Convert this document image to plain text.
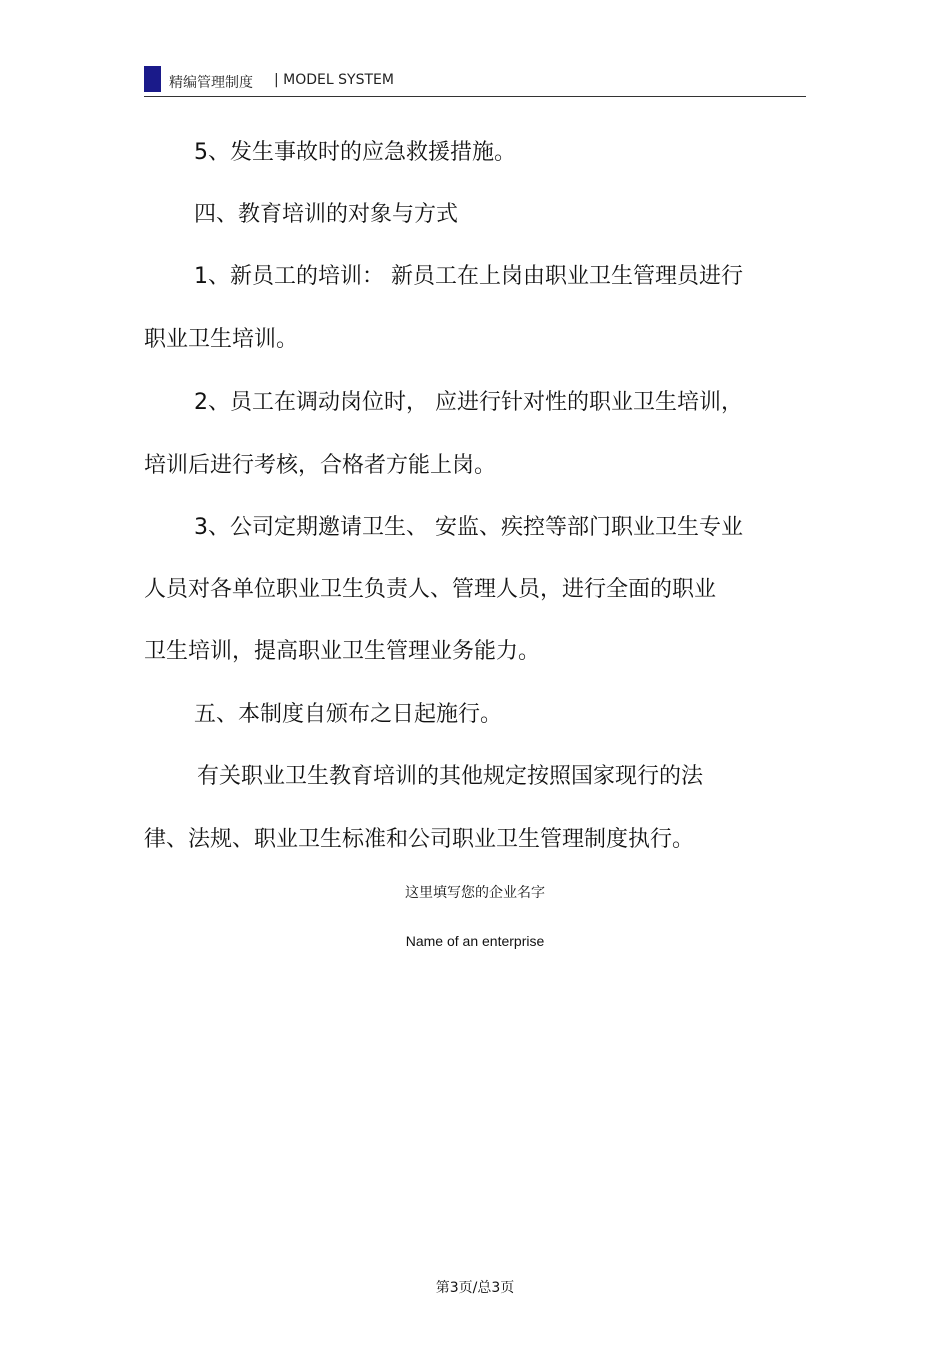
精编管理制度 | MODEL SYSTEM
5、发生事故时的应急救援措施。
四、教育培训的对象与方式
1、新员工的培训： 新员工在上岗由职业卫生管理员进行
职业卫生培训。
2、员工在调动岗位时， 应进行针对性的职业卫生培训，
培训后进行考核，合格者方能上岗。
3、公司定期邀请卫生、 安监、疾控等部门职业卫生专业
人员对各单位职业卫生负责人、管理人员，进行全面的职业
卫生培训，提高职业卫生管理业务能力。
五、本制度自颁布之日起施行。
有关职业卫生教育培训的其他规定按照国家现行的法
律、法规、职业卫生标准和公司职业卫生管理制度执行。
这里填写您的企业名字
Name of an enterprise
第3页/总3页
